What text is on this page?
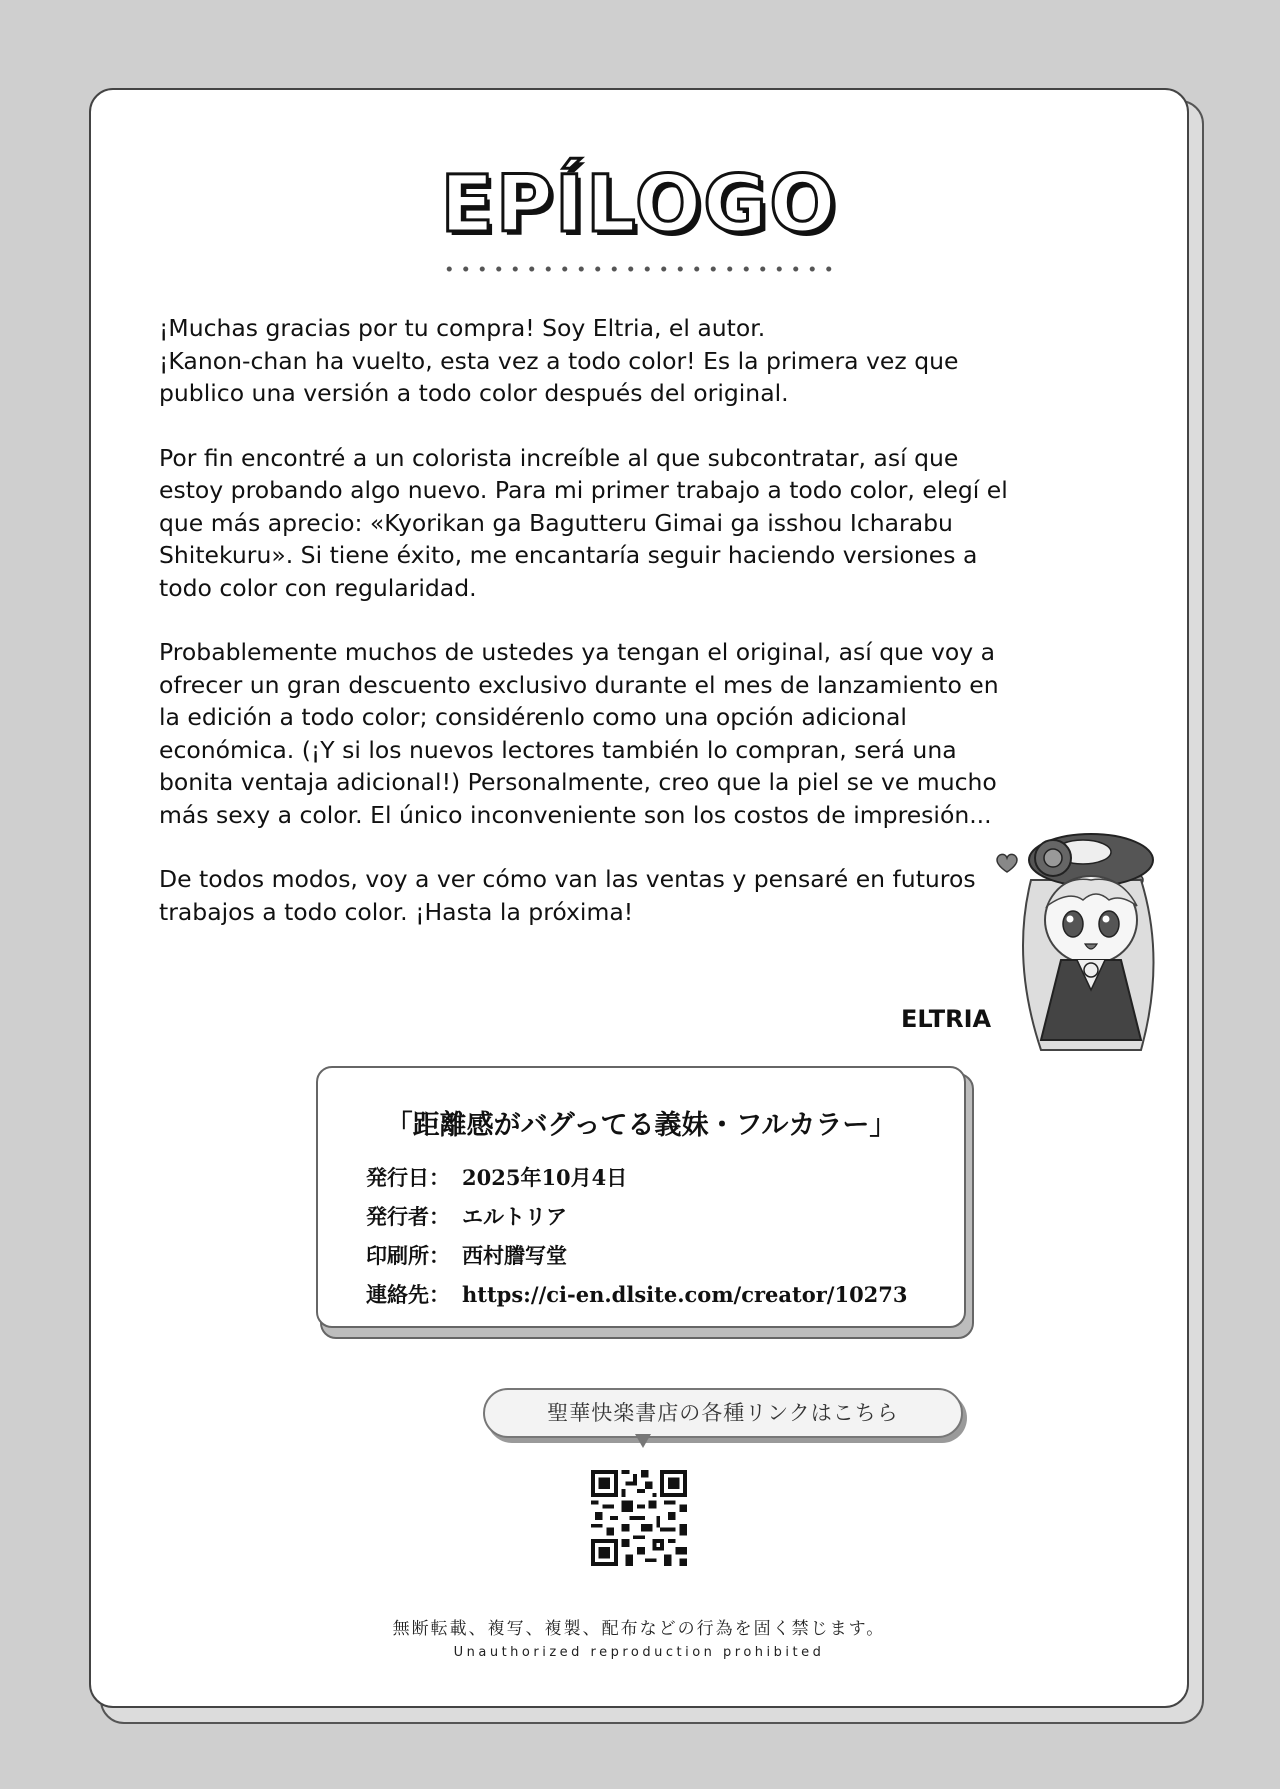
EPÍLOGO

¡Muchas gracias por tu compra! Soy Eltria, el autor.
¡Kanon-chan ha vuelto, esta vez a todo color! Es la primera vez que
publico una versión a todo color después del original.

Por fin encontré a un colorista increíble al que subcontratar, así que
estoy probando algo nuevo. Para mi primer trabajo a todo color, elegí el
que más aprecio: «Kyorikan ga Bagutteru Gimai ga isshou Icharabu
Shitekuru». Si tiene éxito, me encantaría seguir haciendo versiones a
todo color con regularidad.

Probablemente muchos de ustedes ya tengan el original, así que voy a
ofrecer un gran descuento exclusivo durante el mes de lanzamiento en
la edición a todo color; considérenlo como una opción adicional
económica. (¡Y si los nuevos lectores también lo compran, será una
bonita ventaja adicional!) Personalmente, creo que la piel se ve mucho
más sexy a color. El único inconveniente son los costos de impresión...

De todos modos, voy a ver cómo van las ventas y pensaré en futuros
trabajos a todo color. ¡Hasta la próxima!

ELTRIA
聖華快楽書店の各種リンクはこちら
無断転載、複写、複製、配布などの行為を固く禁じます。
Unauthorized reproduction prohibited
「距離感がバグってる義妹・フルカラー」
発行日： 2025年10月4日
発行者： エルトリア
印刷所： 西村謄写堂
連絡先： https://ci-en.dlsite.com/creator/10273
